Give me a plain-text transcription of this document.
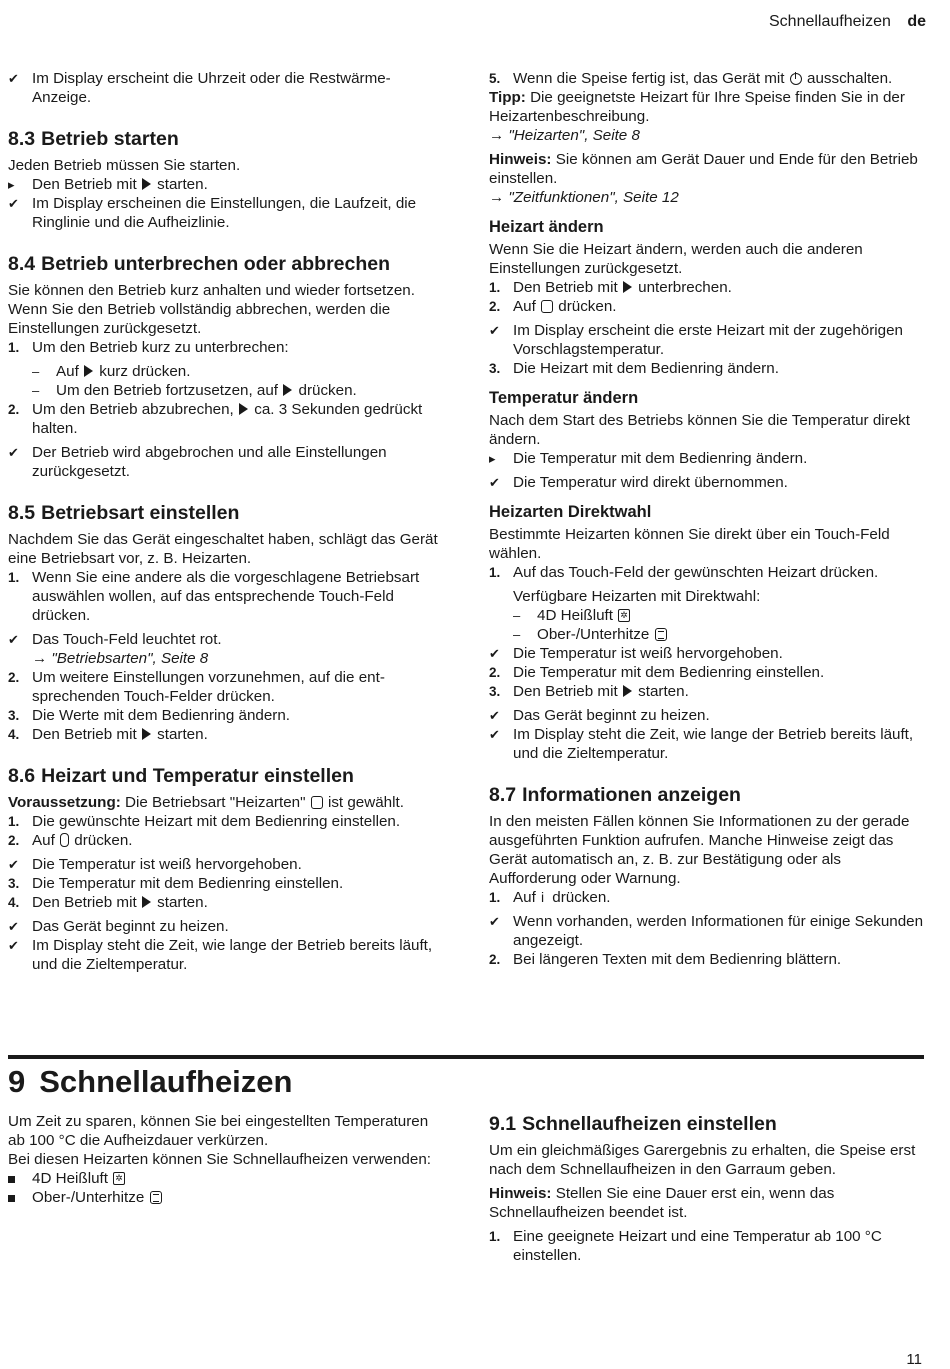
Schnellaufheizen de
✔ Im Display erscheint die Uhrzeit oder die Restwärme-Anzeige.
8.3 Betrieb starten

Jeden Betrieb müssen Sie starten.

▸	Den Betrieb mit starten.
✔ Im Display erscheinen die Einstellungen, die Laufzeit, die Ringlinie und die Aufheizlinie.
8.4 Betrieb unterbrechen oder abbrechen

Sie können den Betrieb kurz anhalten und wieder fortsetzen. Wenn Sie den Betrieb vollständig abbrechen, werden die Einstellungen zurückgesetzt.

1. Um den Betrieb kurz zu unterbrechen:
–	Auf kurz drücken.
–	Um den Betrieb fortzusetzen, auf drücken.
2. Um den Betrieb abzubrechen, ca. 3 Sekunden gedrückt halten.
✔ Der Betrieb wird abgebrochen und alle Einstellungen zurückgesetzt.
8.5 Betriebsart einstellen

Nachdem Sie das Gerät eingeschaltet haben, schlägt das Gerät eine Betriebsart vor, z. B. Heizarten.

1. Wenn Sie eine andere als die vorgeschlagene Betriebsart auswählen wollen, auf das entsprechende Touch-Feld drücken.
✔ Das Touch-Feld leuchtet rot.
→ "Betriebsarten", Seite 8
2. Um weitere Einstellungen vorzunehmen, auf die entsprechenden Touch-Felder drücken.
3. Die Werte mit dem Bedienring ändern.
4. Den Betrieb mit starten.
8.6 Heizart und Temperatur einstellen

Voraussetzung: Die Betriebsart "Heizarten" ist gewählt.

1. Die gewünschte Heizart mit dem Bedienring einstellen.
2. Auf drücken.
✔ Die Temperatur ist weiß hervorgehoben.
3. Die Temperatur mit dem Bedienring einstellen.
4. Den Betrieb mit starten.
✔ Das Gerät beginnt zu heizen.
✔ Im Display steht die Zeit, wie lange der Betrieb bereits läuft, und die Zieltemperatur.
5. Wenn die Speise fertig ist, das Gerät mit ausschalten.

Tipp: Die geeignetste Heizart für Ihre Speise finden Sie in der Heizartenbeschreibung.

→ "Heizarten", Seite 8

Hinweis: Sie können am Gerät Dauer und Ende für den Betrieb einstellen.

→ "Zeitfunktionen", Seite 12

Heizart ändern

Wenn Sie die Heizart ändern, werden auch die anderen Einstellungen zurückgesetzt.

1. Den Betrieb mit unterbrechen.
2. Auf drücken.
✔ Im Display erscheint die erste Heizart mit der zugehörigen Vorschlagstemperatur.
3. Die Heizart mit dem Bedienring ändern.
Temperatur ändern

Nach dem Start des Betriebs können Sie die Temperatur direkt ändern.

▸	Die Temperatur mit dem Bedienring ändern.
✔ Die Temperatur wird direkt übernommen.
Heizarten Direktwahl

Bestimmte Heizarten können Sie direkt über ein Touch-Feld wählen.

1. Auf das Touch-Feld der gewünschten Heizart drücken.
Verfügbare Heizarten mit Direktwahl:
–	4D Heißluft ✲
–	Ober-/Unterhitze
✔ Die Temperatur ist weiß hervorgehoben.
2. Die Temperatur mit dem Bedienring einstellen.
3. Den Betrieb mit starten.
✔ Das Gerät beginnt zu heizen.
✔ Im Display steht die Zeit, wie lange der Betrieb bereits läuft, und die Zieltemperatur.
8.7 Informationen anzeigen

In den meisten Fällen können Sie Informationen zu der gerade ausgeführten Funktion aufrufen. Manche Hinweise zeigt das Gerät automatisch an, z. B. zur Bestätigung oder als Aufforderung oder Warnung.

1. Auf i drücken.
✔ Wenn vorhanden, werden Informationen für einige Sekunden angezeigt.
2. Bei längeren Texten mit dem Bedienring blättern.
9 Schnellaufheizen

Um Zeit zu sparen, können Sie bei eingestellten Temperaturen ab 100 °C die Aufheizdauer verkürzen.

Bei diesen Heizarten können Sie Schnellaufheizen verwenden:

4D Heißluft ✲
Ober-/Unterhitze
9.1 Schnellaufheizen einstellen

Um ein gleichmäßiges Garergebnis zu erhalten, die Speise erst nach dem Schnellaufheizen in den Garraum geben.

Hinweis: Stellen Sie eine Dauer erst ein, wenn das Schnellaufheizen beendet ist.

1. Eine geeignete Heizart und eine Temperatur ab 100 °C einstellen.
11
